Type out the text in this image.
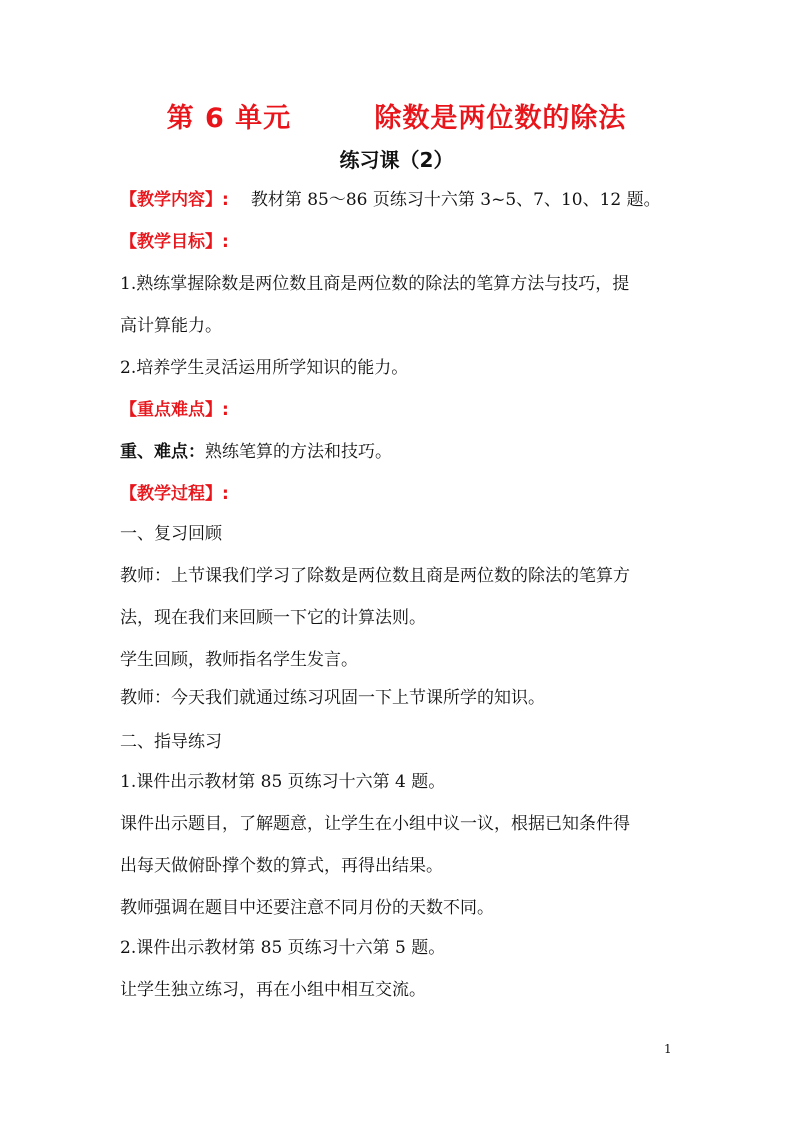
第 6 单元        除数是两位数的除法
练习课（2）
【教学内容】: 教材第 85～86 页练习十六第 3~5、7、10、12 题。
【教学目标】:
1.熟练掌握除数是两位数且商是两位数的除法的笔算方法与技巧，提
高计算能力。
2.培养学生灵活运用所学知识的能力。
【重点难点】:
重、难点：熟练笔算的方法和技巧。
【教学过程】:
一、复习回顾
教师：上节课我们学习了除数是两位数且商是两位数的除法的笔算方
法，现在我们来回顾一下它的计算法则。
学生回顾，教师指名学生发言。
教师：今天我们就通过练习巩固一下上节课所学的知识。
二、指导练习
1.课件出示教材第 85 页练习十六第 4 题。
课件出示题目，了解题意，让学生在小组中议一议，根据已知条件得
出每天做俯卧撑个数的算式，再得出结果。
教师强调在题目中还要注意不同月份的天数不同。
2.课件出示教材第 85 页练习十六第 5 题。
让学生独立练习，再在小组中相互交流。
1
